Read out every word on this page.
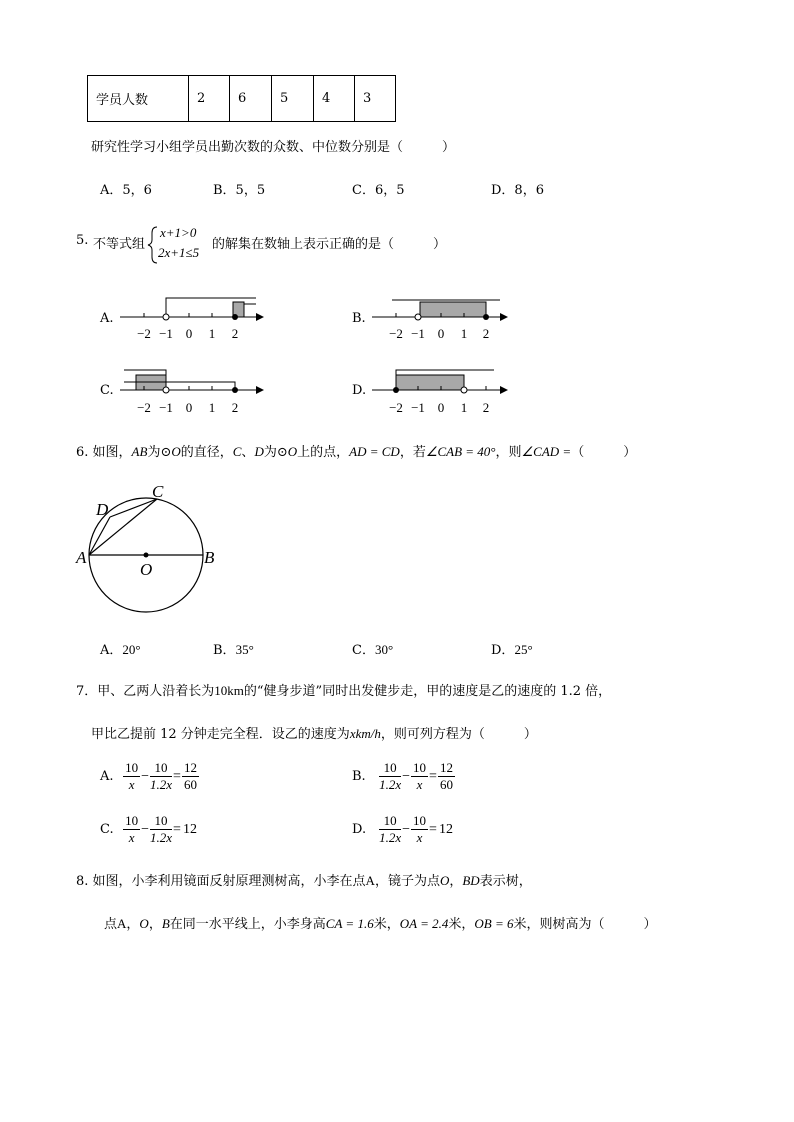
学员人数	2	6	5	4	3
研究性学习小组学员出勤次数的众数、中位数分别是（　　　）
A．5，6	B．5，5	C．6，5	D．8，6
5. 不等式组
x+1>0
2x+1≤5
的解集在数轴上表示正确的是（　　　）
A.	B.
C.	D.
−2 −1 0 1 2	−2 −1 0 1 2
−2 −1 0 1 2	−2 −1 0 1 2
6. 如图，AB为⊙O的直径，C、D为⊙O上的点，AD = CD，若∠CAB = 40°，则∠CAD =（　　　）
A	B
C
D
O
A．20°	B．35°	C．30°	D．25°
7．甲、乙两人沿着长为10km的“健身步道”同时出发健步走，甲的速度是乙的速度的 1.2 倍，
甲比乙提前 12 分钟走完全程．设乙的速度为xkm/h，则可列方程为（　　　）
A. $\frac{10}{x} - \frac{10}{1.2x} = \frac{12}{60}$	B. $\frac{10}{1.2x} - \frac{10}{x} = \frac{12}{60}$
C. $\frac{10}{x} - \frac{10}{1.2x} = 12$	D. $\frac{10}{1.2x} - \frac{10}{x} = 12$
8. 如图，小李利用镜面反射原理测树高，小李在点A，镜子为点O，BD表示树，
点A，O，B在同一水平线上，小李身高CA = 1.6米，OA = 2.4米，OB = 6米，则树高为（　　　）
